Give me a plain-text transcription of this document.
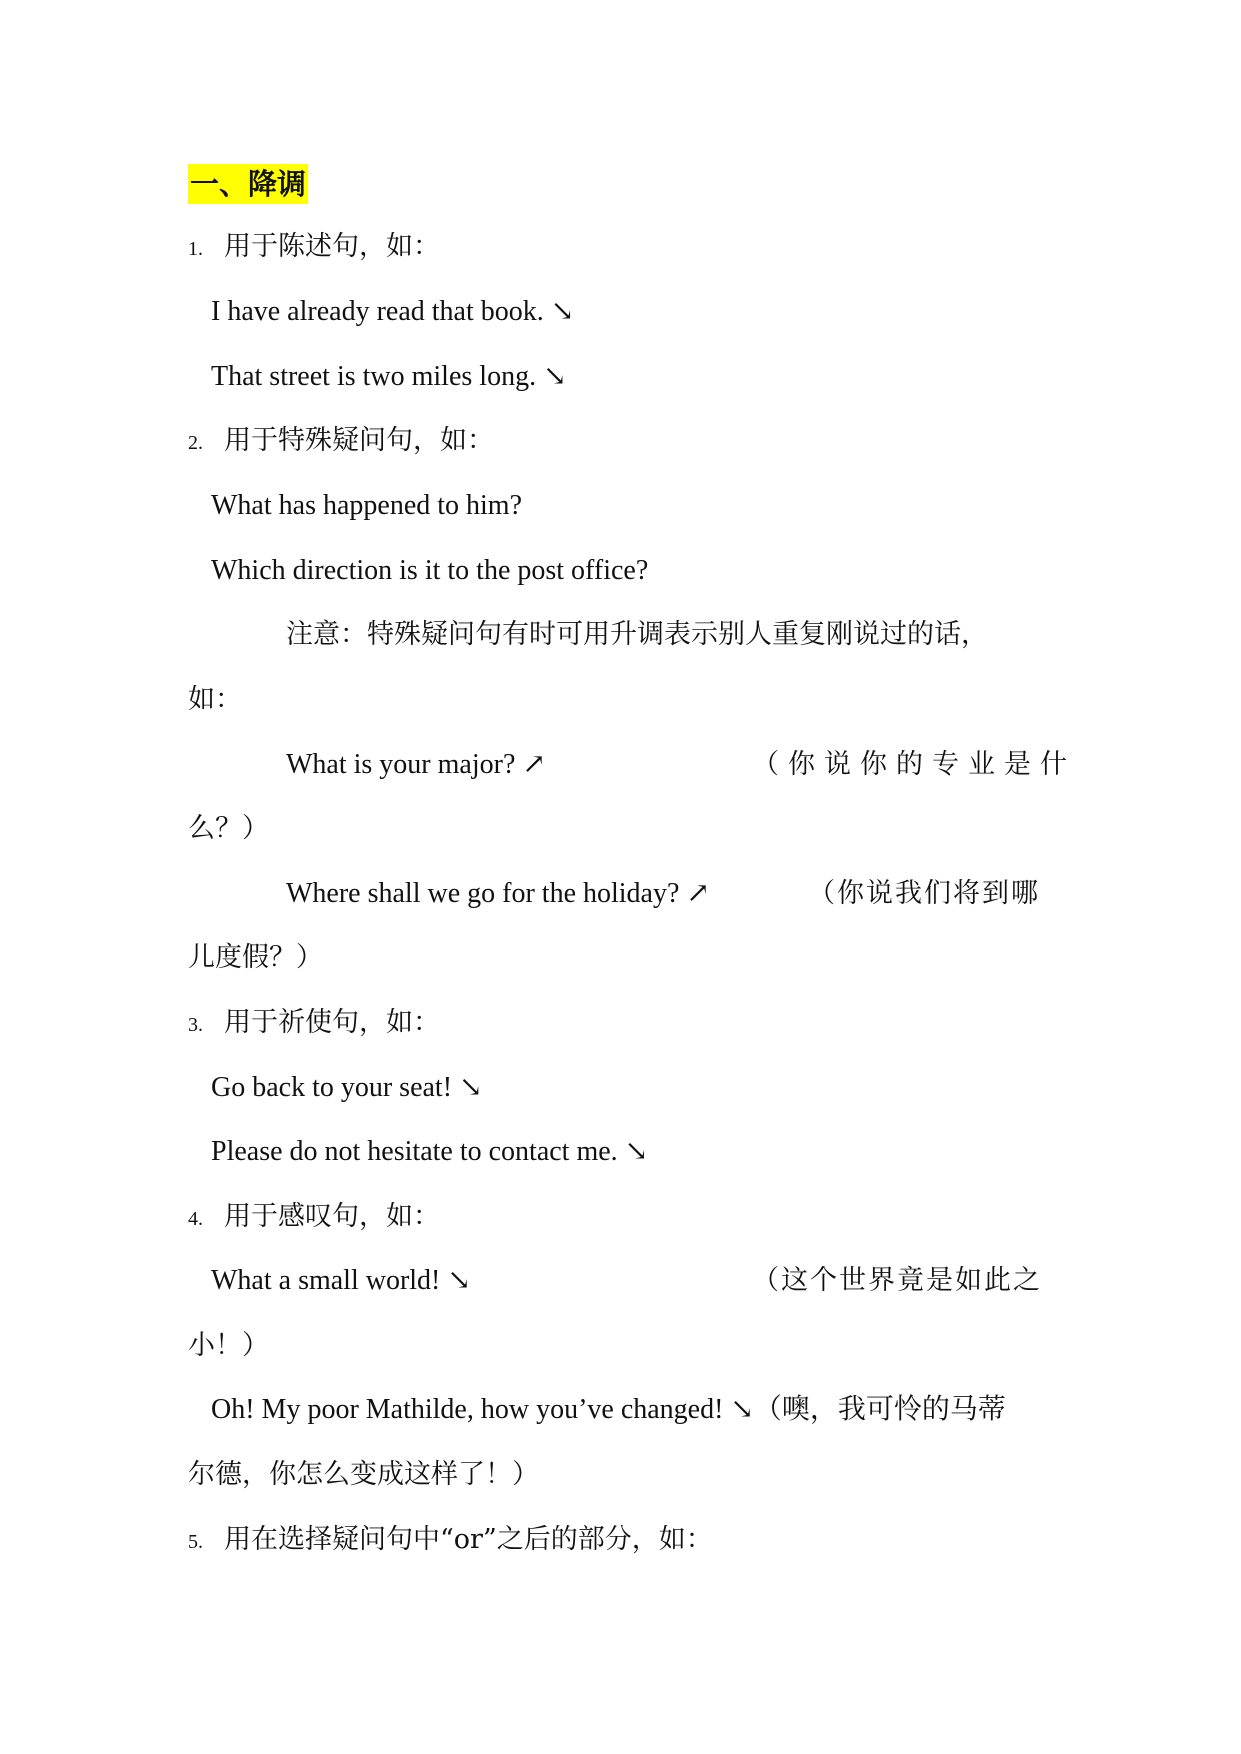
一、降调
1. 用于陈述句，如：
I have already read that book. ↘
That street is two miles long. ↘
2. 用于特殊疑问句，如：
What has happened to him?
Which direction is it to the post office?
注意：特殊疑问句有时可用升调表示别人重复刚说过的话，
如：
What is your major? ↗	（你说你的专业是什
么？）
Where shall we go for the holiday? ↗	（你说我们将到哪
儿度假？）
3. 用于祈使句，如：
Go back to your seat! ↘
Please do not hesitate to contact me. ↘
4. 用于感叹句，如：
What a small world! ↘	（这个世界竟是如此之
小！）
Oh! My poor Mathilde, how you’ve changed! ↘（噢，我可怜的马蒂
尔德，你怎么变成这样了！）
5. 用在选择疑问句中“or”之后的部分，如：
